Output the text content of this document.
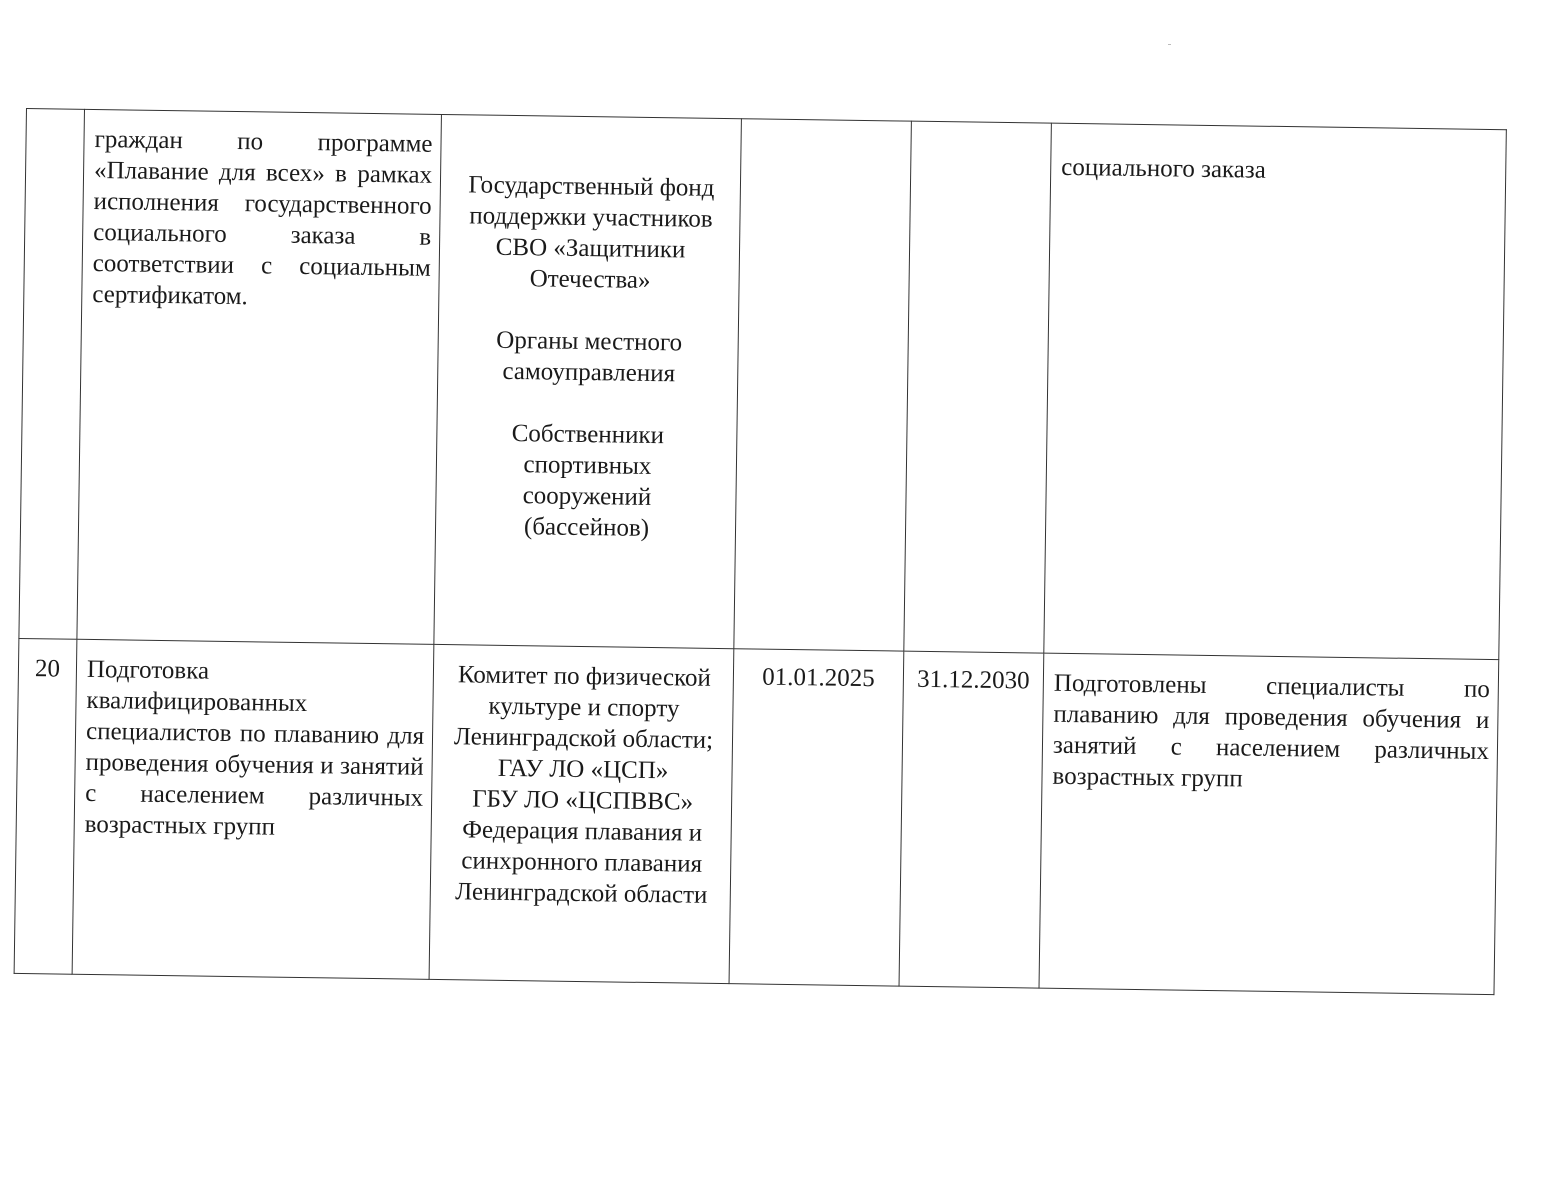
	граждан по программе «Плавание для всех» в рамках исполнения государственного социального заказа в соответствии с социальным сертификатом.	Государственный фонд поддержки участников СВО «Защитники Отечества»
Органы местного самоуправления
Собственники спортивных сооружений (бассейнов)			социального заказа

20	Подготовка квалифицированных специалистов по плаванию для проведения обучения и занятий с населением различных возрастных групп	Комитет по физической культуре и спорту Ленинградской области;
ГАУ ЛО «ЦСП»
ГБУ ЛО «ЦСПВВС»
Федерация плавания и синхронного плавания Ленинградской области	01.01.2025	31.12.2030	Подготовлены специалисты по плаванию для проведения обучения и занятий с населением различных возрастных групп
